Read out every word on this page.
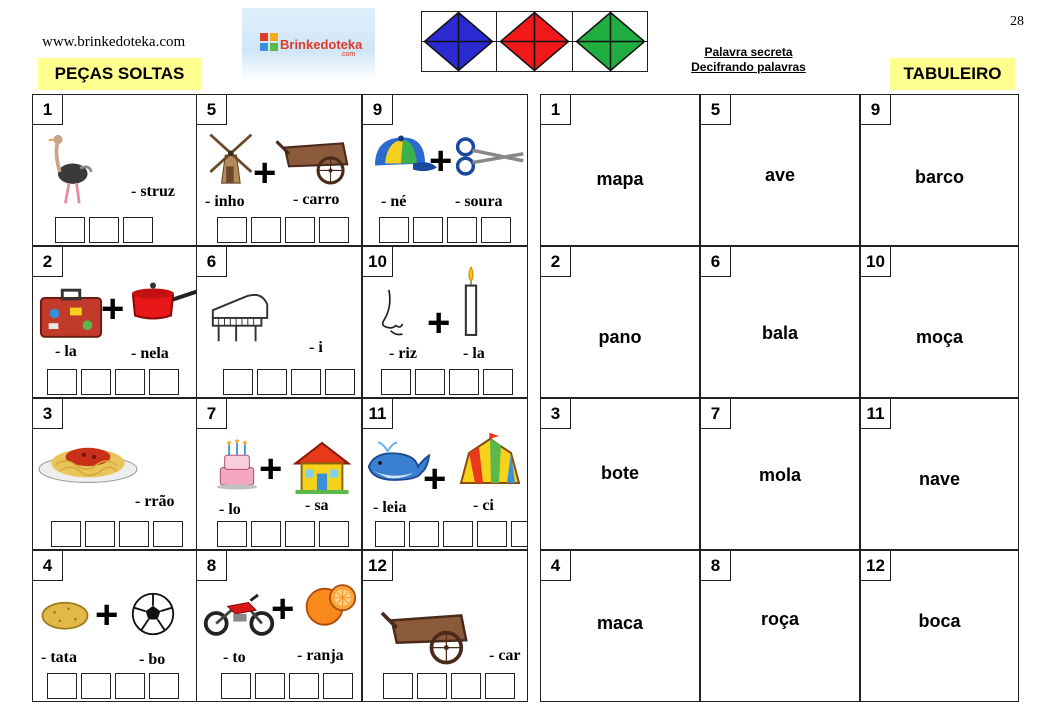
www.brinkedoteka.com	Brinkedoteka
.com
28
Palavra secreta
Decifrando palavras
PEÇAS SOLTAS	TABULEIRO
1
- struz
5
+
- inho	- carro
9
+
- né	- soura
2
+
- la	- nela
6
- i
10
+
- riz	- la
3
- rrão
7
+
- lo	- sa
11
+
- leia	- ci
4
+
- tata	- bo
8
+
- to	- ranja
12
- car
1
mapa
5
ave
9
barco
2
pano
6
bala
10
moça
3
bote
7
mola
11
nave
4
maca
8
roça
12
boca
